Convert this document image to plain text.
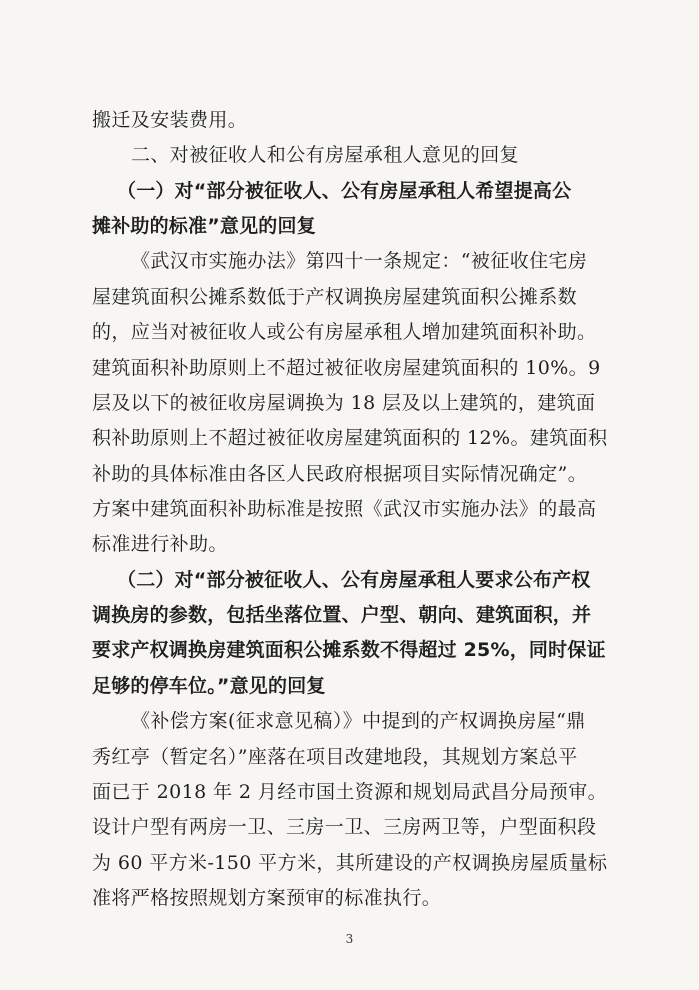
搬迁及安装费用。
二、对被征收人和公有房屋承租人意见的回复
（一）对“部分被征收人、公有房屋承租人希望提高公
摊补助的标准”意见的回复
《武汉市实施办法》第四十一条规定：“被征收住宅房
屋建筑面积公摊系数低于产权调换房屋建筑面积公摊系数
的，应当对被征收人或公有房屋承租人增加建筑面积补助。
建筑面积补助原则上不超过被征收房屋建筑面积的 10%。9
层及以下的被征收房屋调换为 18 层及以上建筑的，建筑面
积补助原则上不超过被征收房屋建筑面积的 12%。建筑面积
补助的具体标准由各区人民政府根据项目实际情况确定”。
方案中建筑面积补助标准是按照《武汉市实施办法》的最高
标准进行补助。
（二）对“部分被征收人、公有房屋承租人要求公布产权
调换房的参数，包括坐落位置、户型、朝向、建筑面积，并
要求产权调换房建筑面积公摊系数不得超过 25%，同时保证
足够的停车位。”意见的回复
《补偿方案(征求意见稿）》中提到的产权调换房屋“鼎
秀红亭（暂定名）”座落在项目改建地段，其规划方案总平
面已于 2018 年 2 月经市国土资源和规划局武昌分局预审。
设计户型有两房一卫、三房一卫、三房两卫等，户型面积段
为 60 平方米-150 平方米，其所建设的产权调换房屋质量标
准将严格按照规划方案预审的标准执行。
3
